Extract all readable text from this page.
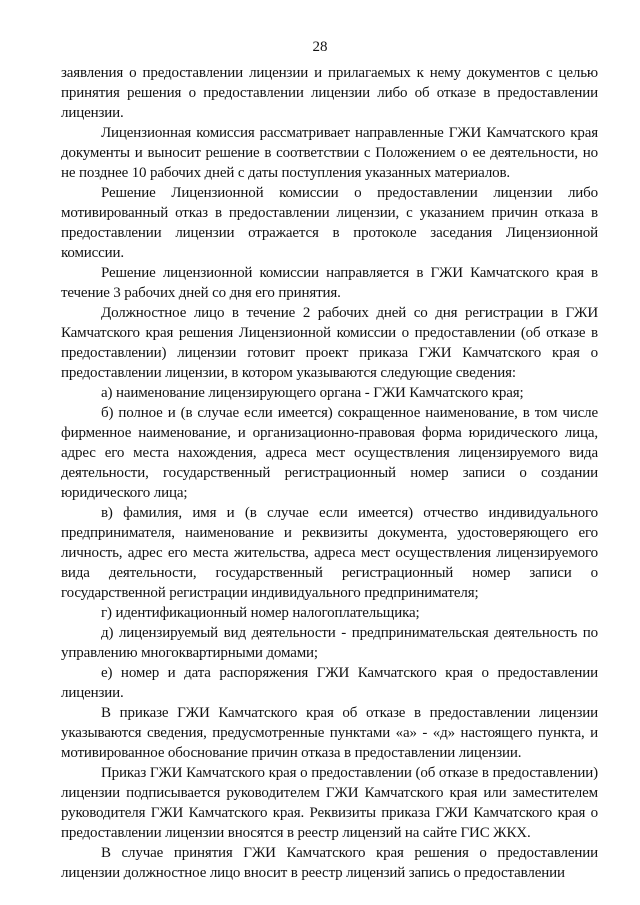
28

заявления о предоставлении лицензии и прилагаемых к нему документов с целью принятия решения о предоставлении лицензии либо об отказе в предоставлении лицензии.

Лицензионная комиссия рассматривает направленные ГЖИ Камчатского края документы и выносит решение в соответствии с Положением о ее деятельности, но не позднее 10 рабочих дней с даты поступления указанных материалов.

Решение Лицензионной комиссии о предоставлении лицензии либо мотивированный отказ в предоставлении лицензии, с указанием причин отказа в предоставлении лицензии отражается в протоколе заседания Лицензионной комиссии.

Решение лицензионной комиссии направляется в ГЖИ Камчатского края в течение 3 рабочих дней со дня его принятия.

Должностное лицо в течение 2 рабочих дней со дня регистрации в ГЖИ Камчатского края решения Лицензионной комиссии о предоставлении (об отказе в предоставлении) лицензии готовит проект приказа ГЖИ Камчатского края о предоставлении лицензии, в котором указываются следующие сведения:

а) наименование лицензирующего органа - ГЖИ Камчатского края;

б) полное и (в случае если имеется) сокращенное наименование, в том числе фирменное наименование, и организационно-правовая форма юридического лица, адрес его места нахождения, адреса мест осуществления лицензируемого вида деятельности, государственный регистрационный номер записи о создании юридического лица;

в) фамилия, имя и (в случае если имеется) отчество индивидуального предпринимателя, наименование и реквизиты документа, удостоверяющего его личность, адрес его места жительства, адреса мест осуществления лицензируемого вида деятельности, государственный регистрационный номер записи о государственной регистрации индивидуального предпринимателя;

г) идентификационный номер налогоплательщика;

д) лицензируемый вид деятельности - предпринимательская деятельность по управлению многоквартирными домами;

е) номер и дата распоряжения ГЖИ Камчатского края о предоставлении лицензии.

В приказе ГЖИ Камчатского края об отказе в предоставлении лицензии указываются сведения, предусмотренные пунктами «а» - «д» настоящего пункта, и мотивированное обоснование причин отказа в предоставлении лицензии.

Приказ ГЖИ Камчатского края о предоставлении (об отказе в предоставлении) лицензии подписывается руководителем ГЖИ Камчатского края или заместителем руководителя ГЖИ Камчатского края. Реквизиты приказа ГЖИ Камчатского края о предоставлении лицензии вносятся в реестр лицензий на сайте ГИС ЖКХ.

В случае принятия ГЖИ Камчатского края решения о предоставлении лицензии должностное лицо вносит в реестр лицензий запись о предоставлении
